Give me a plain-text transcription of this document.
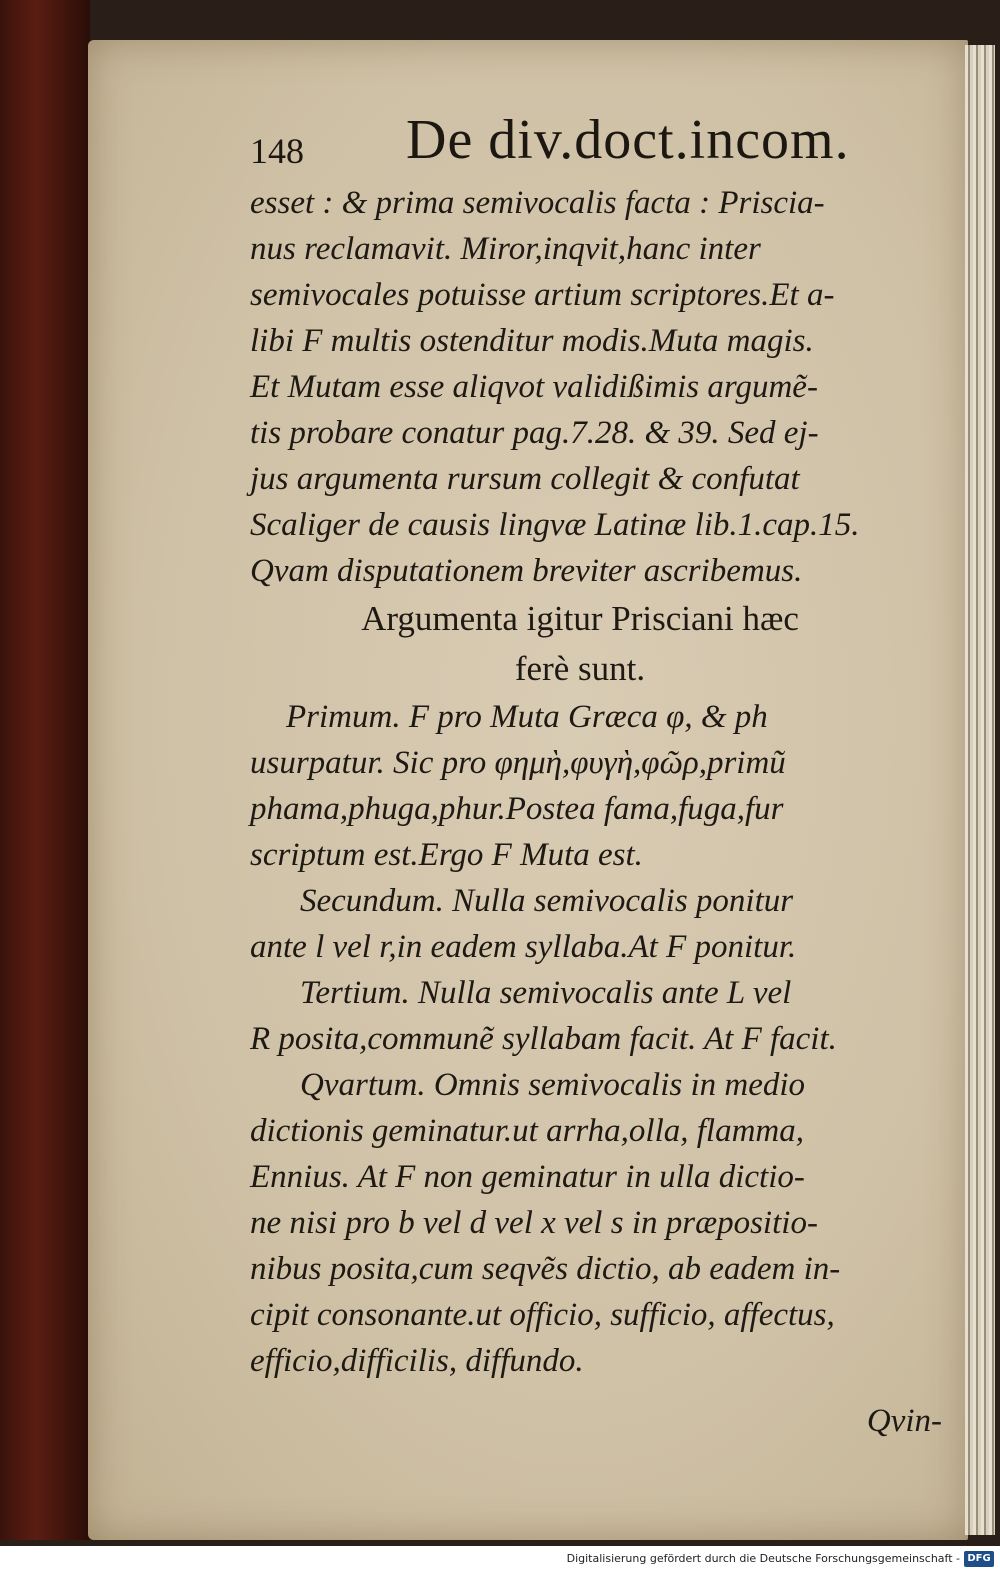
148 De div.doct.incom.
esset : & prima semivocalis facta : Priscia-
nus reclamavit. Miror,inqvit,hanc inter
semivocales potuisse artium scriptores.Et a-
libi F multis ostenditur modis.Muta magis.
Et Mutam esse aliqvot validißimis argumẽ-
tis probare conatur pag.7.28. & 39. Sed ej-
jus argumenta rursum collegit & confutat
Scaliger de causis lingvæ Latinæ lib.1.cap.15.
Qvam disputationem breviter ascribemus.
Argumenta igitur Prisciani hæc
ferè sunt.
Primum. F pro Muta Græca φ, & ph
usurpatur. Sic pro φημὴ,φυγὴ,φῶρ,primũ
phama,phuga,phur.Postea fama,fuga,fur
scriptum est.Ergo F Muta est.
Secundum. Nulla semivocalis ponitur
ante l vel r,in eadem syllaba.At F ponitur.
Tertium. Nulla semivocalis ante L vel
R posita,communẽ syllabam facit. At F facit.
Qvartum. Omnis semivocalis in medio
dictionis geminatur.ut arrha,olla, flamma,
Ennius. At F non geminatur in ulla dictio-
ne nisi pro b vel d vel x vel s in præpositio-
nibus posita,cum seqvẽs dictio, ab eadem in-
cipit consonante.ut officio, sufficio, affectus,
efficio,difficilis, diffundo.
Qvin-
Digitalisierung gefördert durch die Deutsche Forschungsgemeinschaft - DFG
